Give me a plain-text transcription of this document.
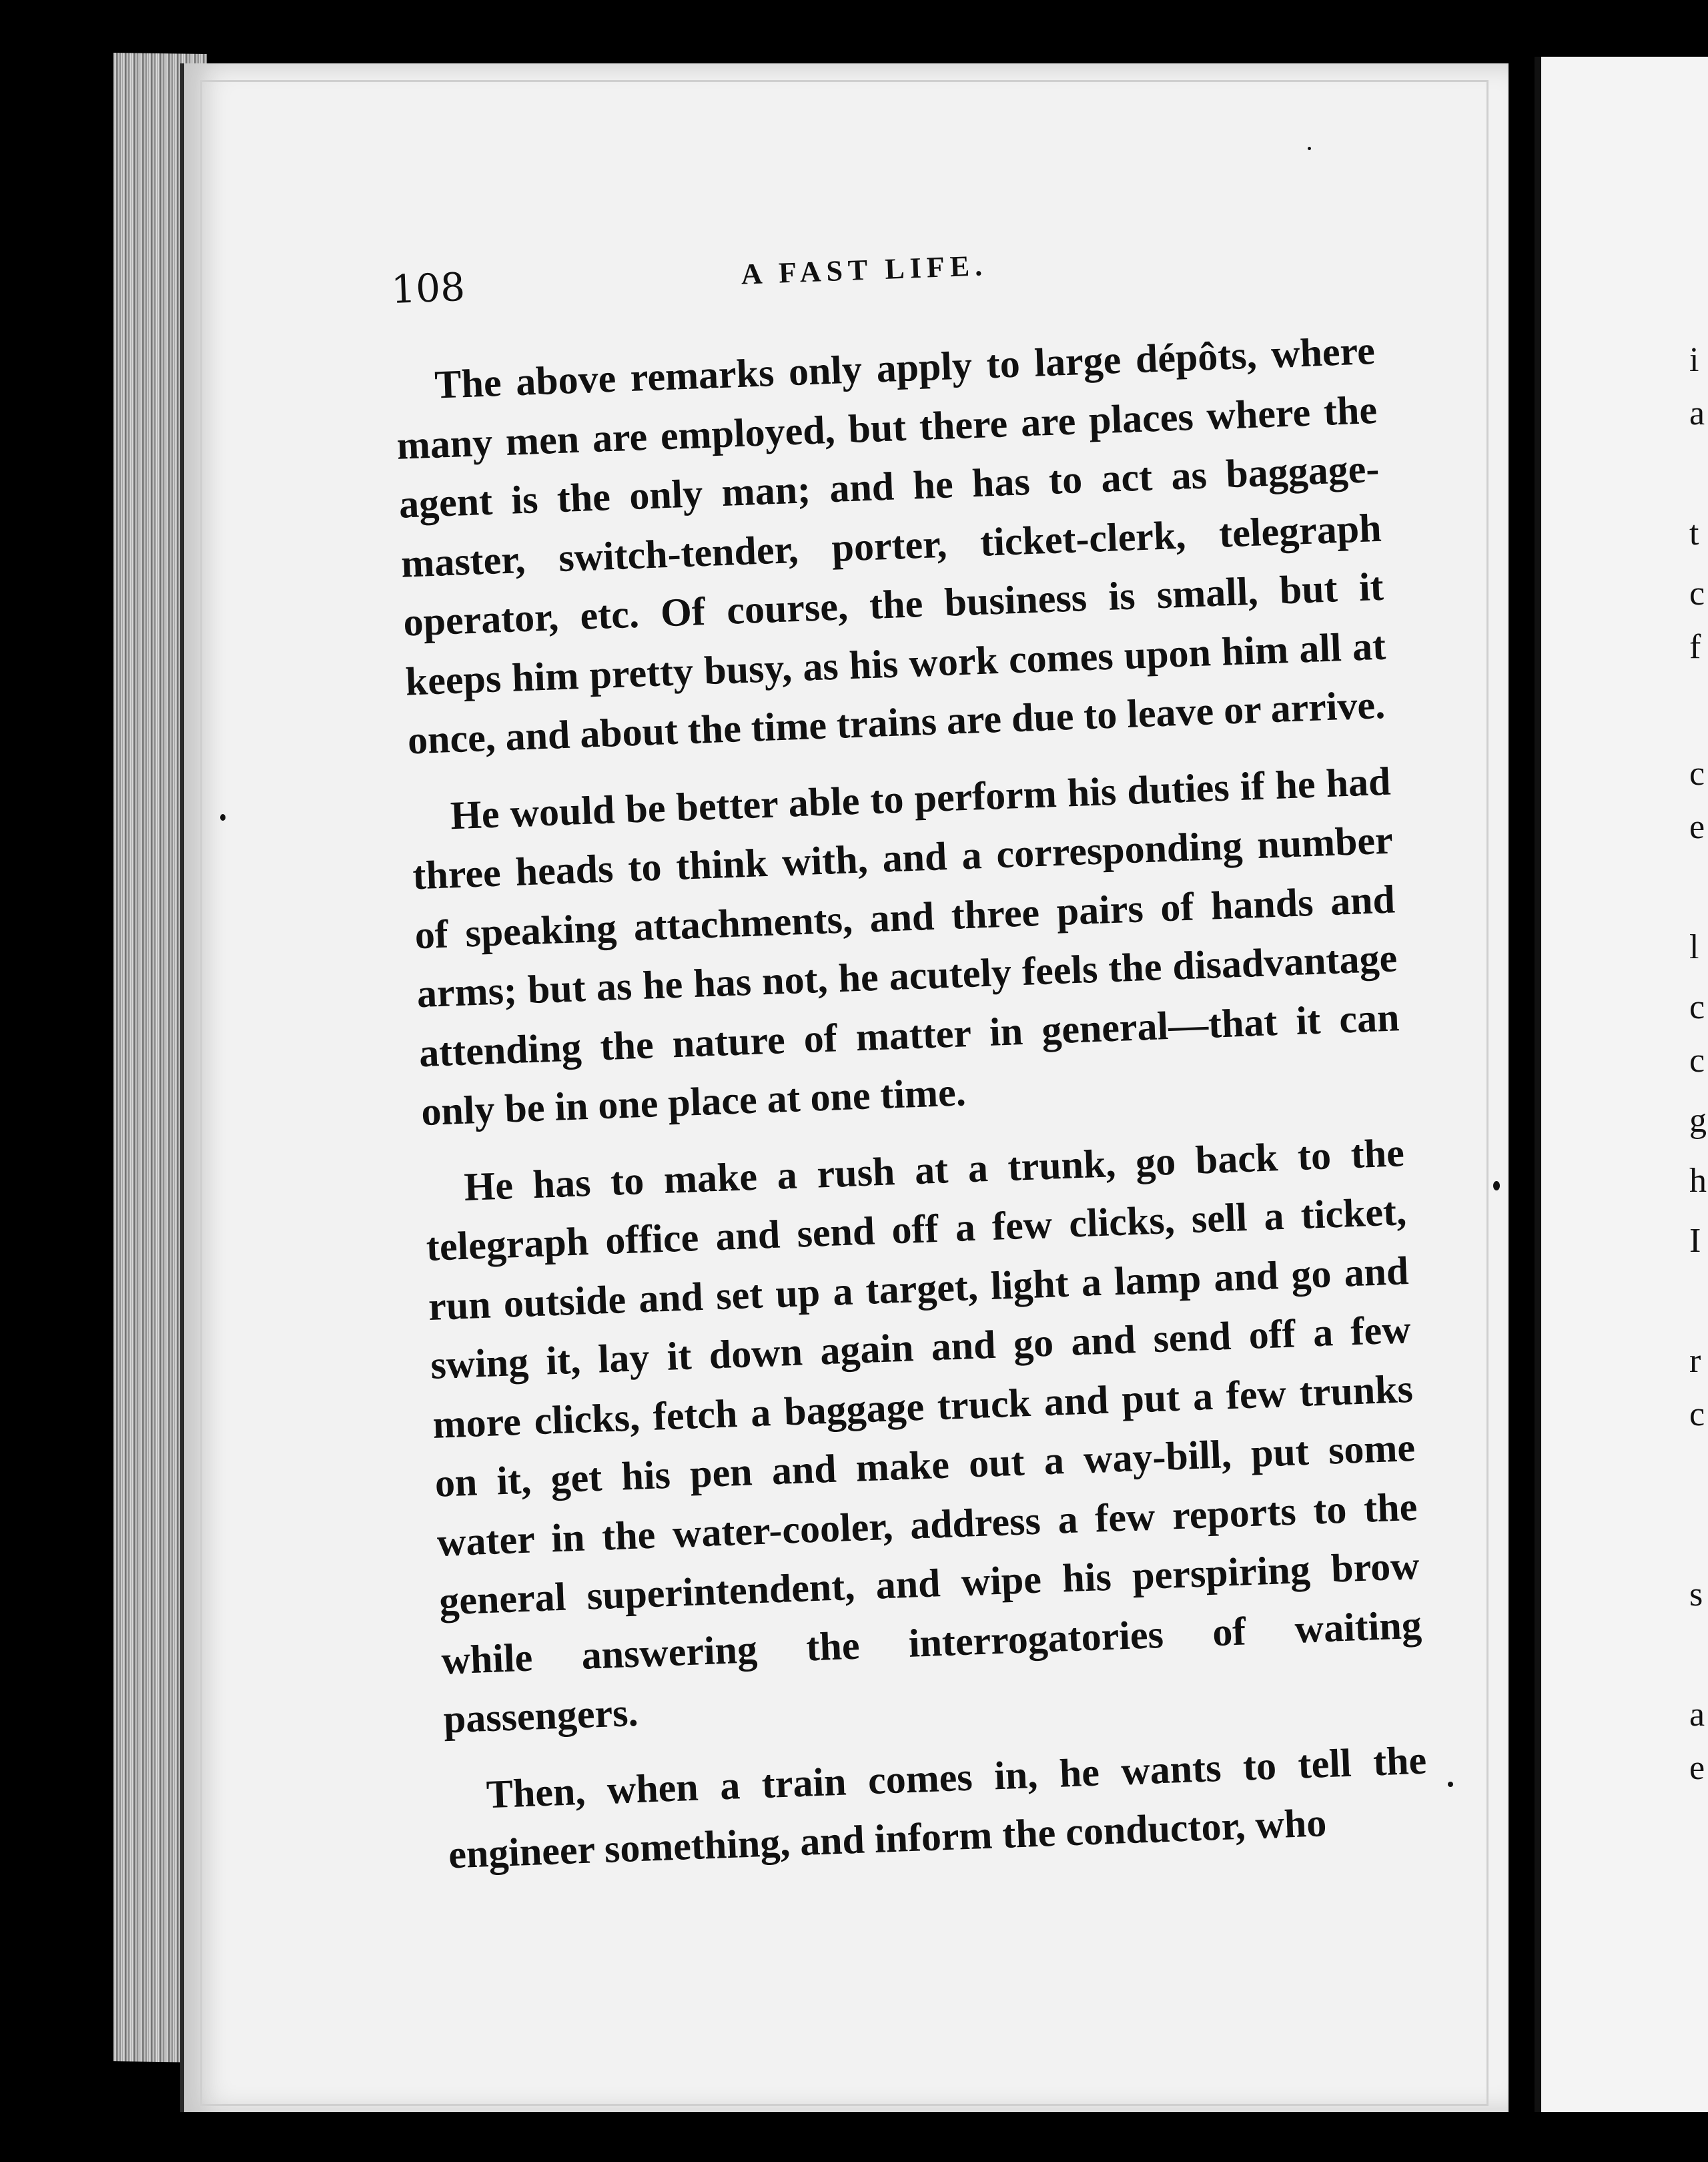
i
a
t
c
f
c
e
l
c
c
g
h
I
r
c
s
a
e
108	A FAST LIFE.

The above remarks only apply to large dépôts, where many men are employed, but there are places where the agent is the only man; and he has to act as baggage-master, switch-tender, porter, ticket-clerk, telegraph operator, etc. Of course, the business is small, but it keeps him pretty busy, as his work comes upon him all at once, and about the time trains are due to leave or arrive.

He would be better able to perform his duties if he had three heads to think with, and a corresponding number of speaking attachments, and three pairs of hands and arms; but as he has not, he acutely feels the disadvantage attending the nature of matter in general—that it can only be in one place at one time.

He has to make a rush at a trunk, go back to the telegraph office and send off a few clicks, sell a ticket, run outside and set up a target, light a lamp and go and swing it, lay it down again and go and send off a few more clicks, fetch a baggage truck and put a few trunks on it, get his pen and make out a way-bill, put some water in the water-cooler, address a few reports to the general superintendent, and wipe his perspiring brow while answering the interrogatories of waiting passengers.

Then, when a train comes in, he wants to tell the engineer something, and inform the conductor, who
